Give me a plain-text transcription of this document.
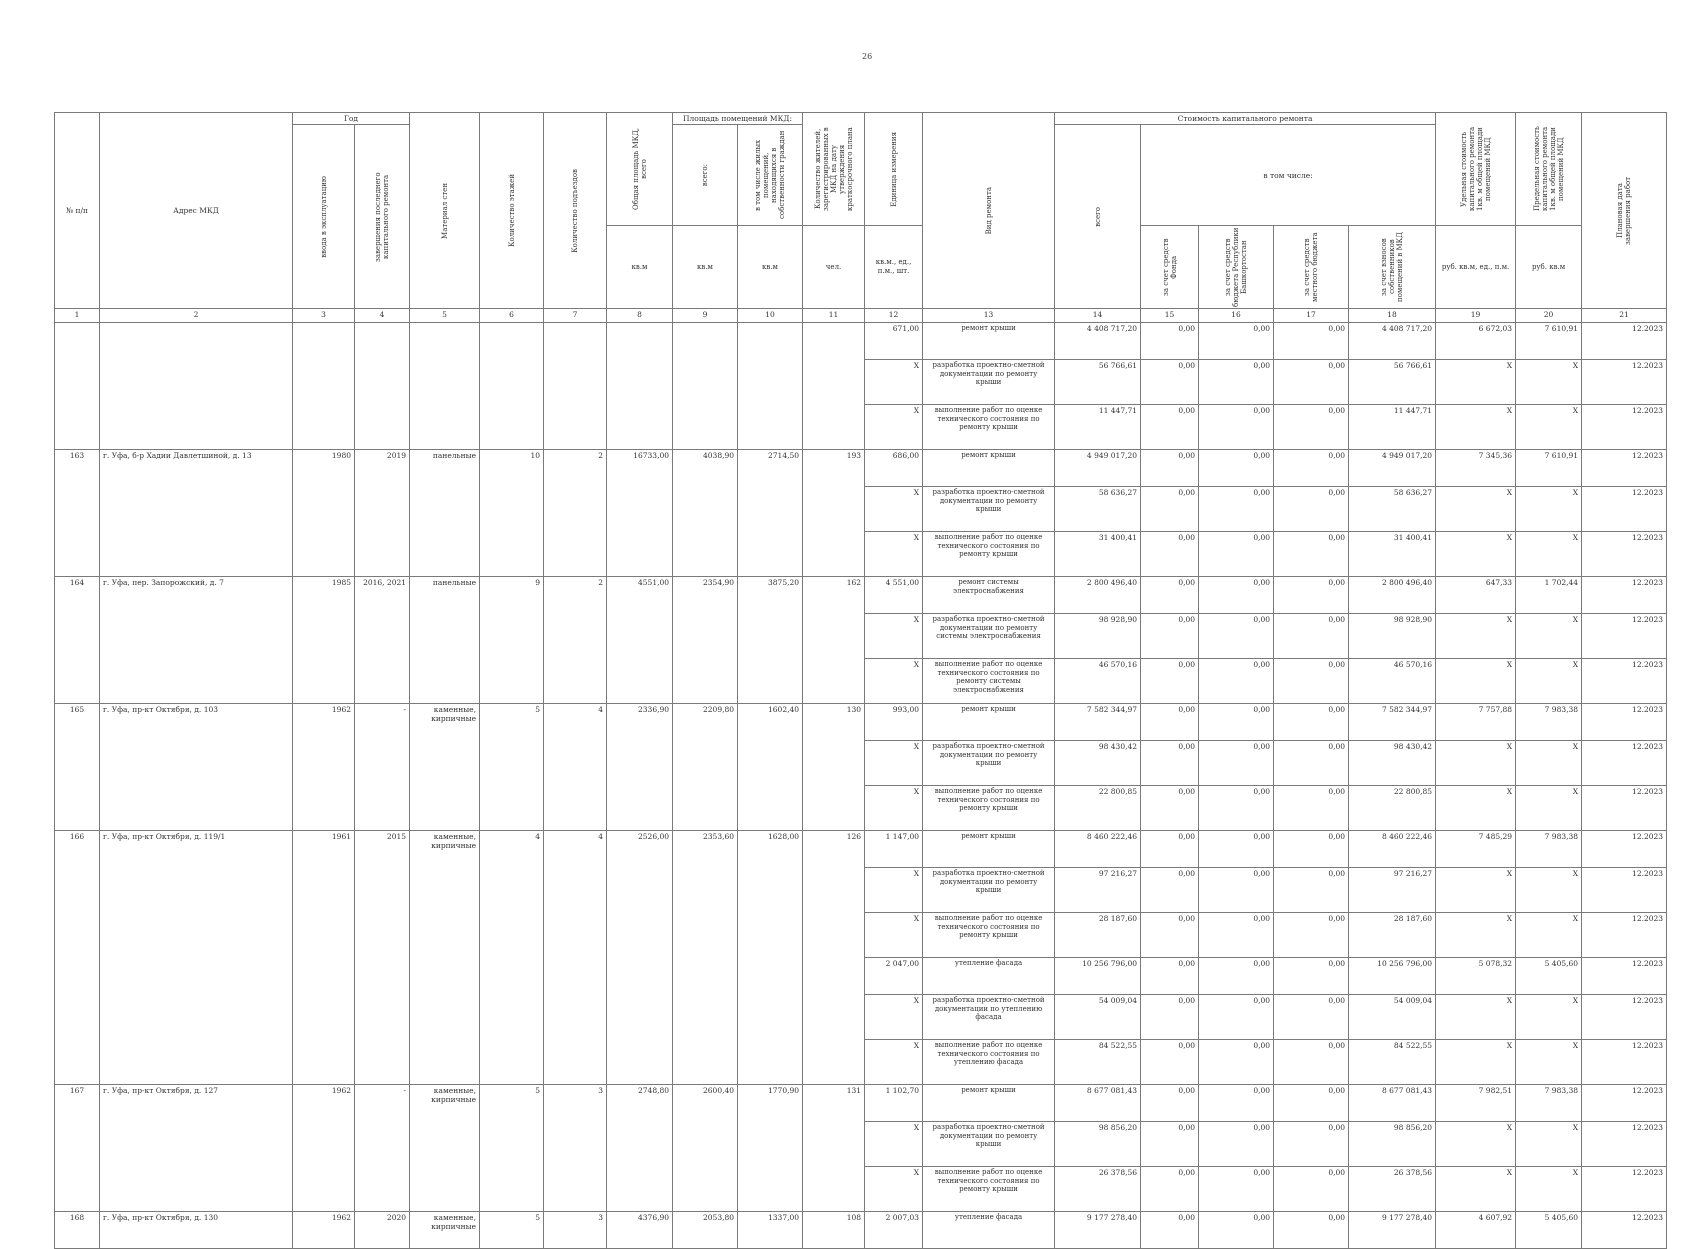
26
№ п/п	Адрес МКД	Год		Материал стен	Количество этажей	Количество подъездов	Общая площадь МКД, всего	Площадь помещений МКД:		Количество жителей, зарегистрированных в МКД на дату утверждения краткосрочного плана	Единица измерения	Вид ремонта	Стоимость капитального ремонта					Удельная стоимость капитального ремонта 1кв. м общей площади помещений МКД	Предельная стоимость капитального ремонта 1кв. м общей площади помещений МКД	Плановая дата завершения работ

		ввода в эксплуатацию	завершения последнего капитального ремонта					всего:	в том числе жилых помещений, находящихся в собственности граждан				всего	в том числе:						
							кв.м	кв.м	кв.м	чел.	кв.м., ед., п.м., шт.			за счет средств Фонда	за счет средств бюджета Республики Башкортостан	за счет средств местного бюджета	за счет взносов собственников помещений в МКД	руб. кв.м, ед., п.м.	руб. кв.м	
1	2	3	4	5	6	7	8	9	10	11	12	13	14	15	16	17	18	19	20	21
											671,00	ремонт крыши	4 408 717,20	0,00	0,00	0,00	4 408 717,20	6 672,03	7 610,91	12.2023
											X	разработка проектно-сметной документации по ремонту крыши	56 766,61	0,00	0,00	0,00	56 766,61	X	X	12.2023
											X	выполнение работ по оценке технического состояния по ремонту крыши	11 447,71	0,00	0,00	0,00	11 447,71	X	X	12.2023
163	г. Уфа, б-р Хадии Давлетшиной, д. 13	1980	2019	панельные	10	2	16733,00	4038,90	2714,50	193	686,00	ремонт крыши	4 949 017,20	0,00	0,00	0,00	4 949 017,20	7 345,36	7 610,91	12.2023
											X	разработка проектно-сметной документации по ремонту крыши	58 636,27	0,00	0,00	0,00	58 636,27	X	X	12.2023
											X	выполнение работ по оценке технического состояния по ремонту крыши	31 400,41	0,00	0,00	0,00	31 400,41	X	X	12.2023
164	г. Уфа, пер. Запорожский, д. 7	1985	2016, 2021	панельные	9	2	4551,00	2354,90	3875,20	162	4 551,00	ремонт системы электроснабжения	2 800 496,40	0,00	0,00	0,00	2 800 496,40	647,33	1 702,44	12.2023
											X	разработка проектно-сметной документации по ремонту системы электроснабжения	98 928,90	0,00	0,00	0,00	98 928,90	X	X	12.2023
											X	выполнение работ по оценке технического состояния по ремонту системы электроснабжения	46 570,16	0,00	0,00	0,00	46 570,16	X	X	12.2023
165	г. Уфа, пр-кт Октября, д. 103	1962	-	каменные, кирпичные	5	4	2336,90	2209,80	1602,40	130	993,00	ремонт крыши	7 582 344,97	0,00	0,00	0,00	7 582 344,97	7 757,88	7 983,38	12.2023
											X	разработка проектно-сметной документации по ремонту крыши	98 430,42	0,00	0,00	0,00	98 430,42	X	X	12.2023
											X	выполнение работ по оценке технического состояния по ремонту крыши	22 800,85	0,00	0,00	0,00	22 800,85	X	X	12.2023
166	г. Уфа, пр-кт Октября, д. 119/1	1961	2015	каменные, кирпичные	4	4	2526,00	2353,60	1628,00	126	1 147,00	ремонт крыши	8 460 222,46	0,00	0,00	0,00	8 460 222,46	7 485,29	7 983,38	12.2023
											X	разработка проектно-сметной документации по ремонту крыши	97 216,27	0,00	0,00	0,00	97 216,27	X	X	12.2023
											X	выполнение работ по оценке технического состояния по ремонту крыши	28 187,60	0,00	0,00	0,00	28 187,60	X	X	12.2023
											2 047,00	утепление фасада	10 256 796,00	0,00	0,00	0,00	10 256 796,00	5 078,32	5 405,60	12.2023
											X	разработка проектно-сметной документации по утеплению фасада	54 009,04	0,00	0,00	0,00	54 009,04	X	X	12.2023
											X	выполнение работ по оценке технического состояния по утеплению фасада	84 522,55	0,00	0,00	0,00	84 522,55	X	X	12.2023
167	г. Уфа, пр-кт Октября, д. 127	1962	-	каменные, кирпичные	5	3	2748,80	2600,40	1770,90	131	1 102,70	ремонт крыши	8 677 081,43	0,00	0,00	0,00	8 677 081,43	7 982,51	7 983,38	12.2023
											X	разработка проектно-сметной документации по ремонту крыши	98 856,20	0,00	0,00	0,00	98 856,20	X	X	12.2023
											X	выполнение работ по оценке технического состояния по ремонту крыши	26 378,56	0,00	0,00	0,00	26 378,56	X	X	12.2023
168	г. Уфа, пр-кт Октября, д. 130	1962	2020	каменные, кирпичные	5	3	4376,90	2053,80	1337,00	108	2 007,03	утепление фасада	9 177 278,40	0,00	0,00	0,00	9 177 278,40	4 607,92	5 405,60	12.2023
